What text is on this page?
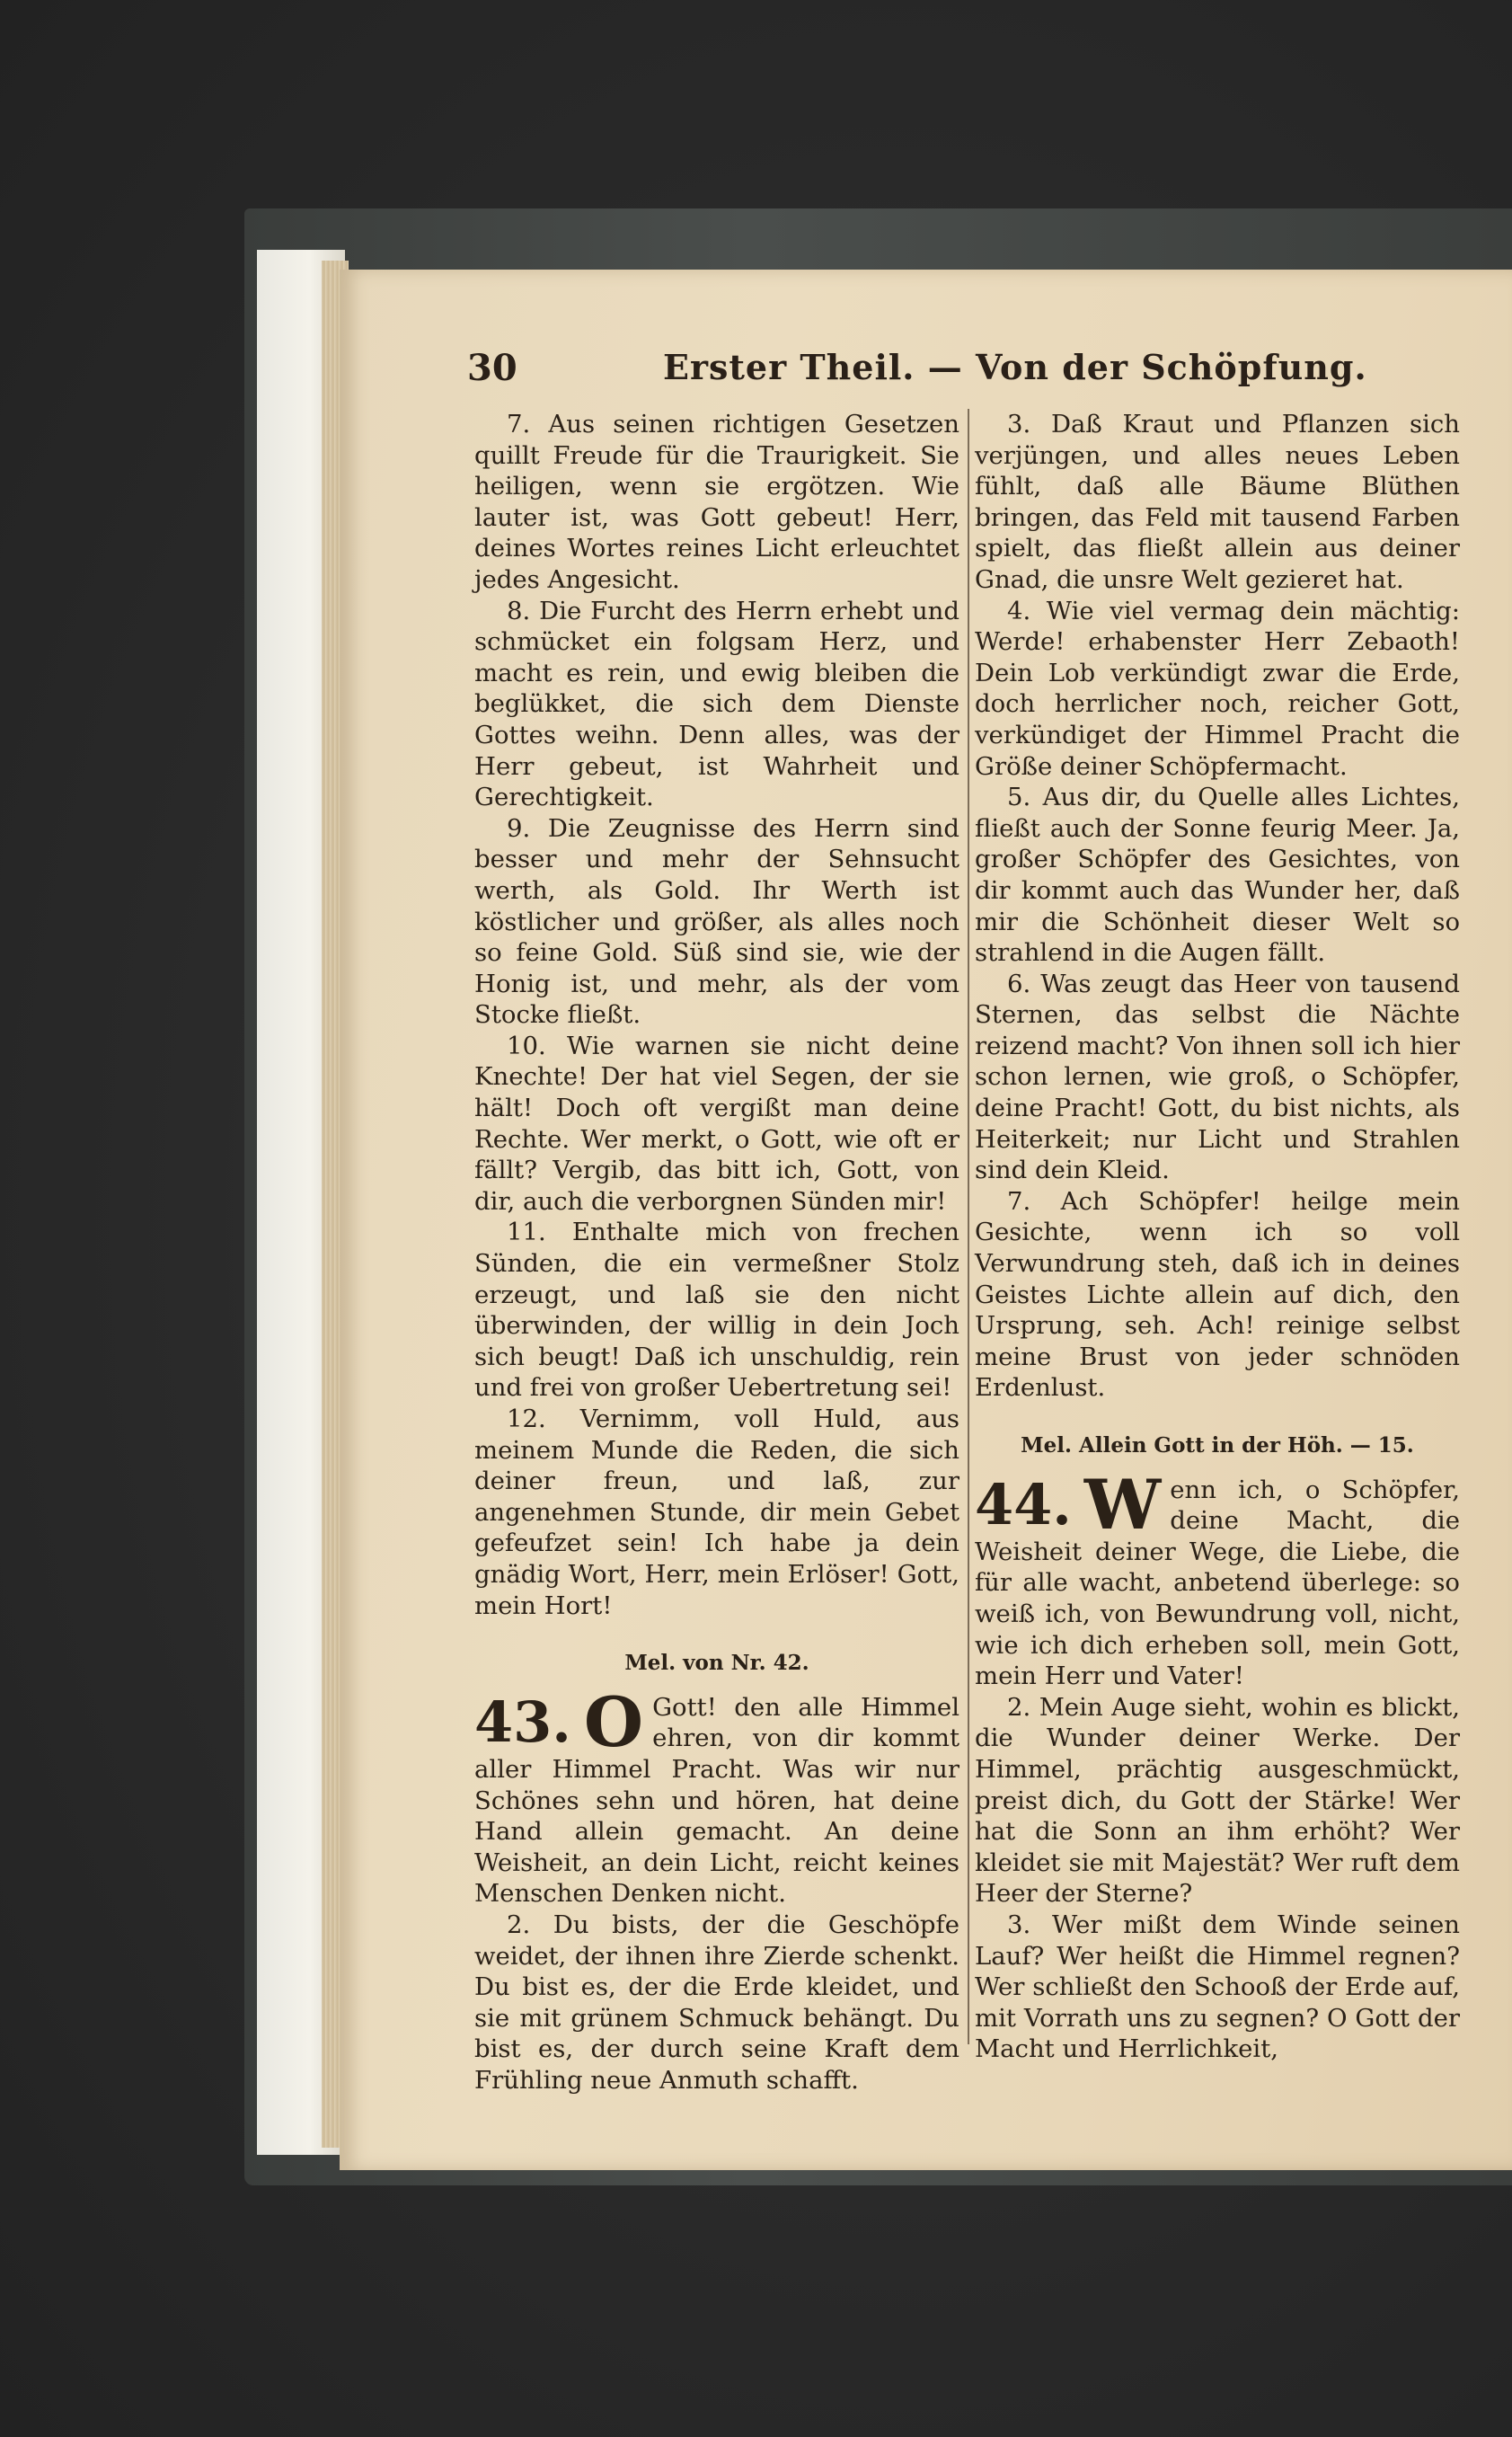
30	Erster Theil. — Von der Schöpfung.

7. Aus seinen richtigen Gesetzen quillt Freude für die Traurigkeit. Sie heiligen, wenn sie ergötzen. Wie lauter ist, was Gott gebeut! Herr, deines Wortes reines Licht erleuchtet jedes Angesicht.

8. Die Furcht des Herrn erhebt und schmücket ein folgsam Herz, und macht es rein, und ewig bleiben die beglükket, die sich dem Dienste Gottes weihn. Denn alles, was der Herr gebeut, ist Wahrheit und Gerechtigkeit.

9. Die Zeugnisse des Herrn sind besser und mehr der Sehnsucht werth, als Gold. Ihr Werth ist köstlicher und größer, als alles noch so feine Gold. Süß sind sie, wie der Honig ist, und mehr, als der vom Stocke fließt.

10. Wie warnen sie nicht deine Knechte! Der hat viel Segen, der sie hält! Doch oft vergißt man deine Rechte. Wer merkt, o Gott, wie oft er fällt? Vergib, das bitt ich, Gott, von dir, auch die verborgnen Sünden mir!

11. Enthalte mich von frechen Sünden, die ein vermeßner Stolz erzeugt, und laß sie den nicht überwinden, der willig in dein Joch sich beugt! Daß ich unschuldig, rein und frei von großer Uebertretung sei!

12. Vernimm, voll Huld, aus meinem Munde die Reden, die sich deiner freun, und laß, zur angenehmen Stunde, dir mein Gebet gefeufzet sein! Ich habe ja dein gnädig Wort, Herr, mein Erlöser! Gott, mein Hort!

Mel. von Nr. 42.

43. O Gott! den alle Himmel ehren, von dir kommt aller Himmel Pracht. Was wir nur Schönes sehn und hören, hat deine Hand allein gemacht. An deine Weisheit, an dein Licht, reicht keines Menschen Denken nicht.

2. Du bists, der die Geschöpfe weidet, der ihnen ihre Zierde schenkt. Du bist es, der die Erde kleidet, und sie mit grünem Schmuck behängt. Du bist es, der durch seine Kraft dem Frühling neue Anmuth schafft.

3. Daß Kraut und Pflanzen sich verjüngen, und alles neues Leben fühlt, daß alle Bäume Blüthen bringen, das Feld mit tausend Farben spielt, das fließt allein aus deiner Gnad, die unsre Welt gezieret hat.

4. Wie viel vermag dein mächtig: Werde! erhabenster Herr Zebaoth! Dein Lob verkündigt zwar die Erde, doch herrlicher noch, reicher Gott, verkündiget der Himmel Pracht die Größe deiner Schöpfermacht.

5. Aus dir, du Quelle alles Lichtes, fließt auch der Sonne feurig Meer. Ja, großer Schöpfer des Gesichtes, von dir kommt auch das Wunder her, daß mir die Schönheit dieser Welt so strahlend in die Augen fällt.

6. Was zeugt das Heer von tausend Sternen, das selbst die Nächte reizend macht? Von ihnen soll ich hier schon lernen, wie groß, o Schöpfer, deine Pracht! Gott, du bist nichts, als Heiterkeit; nur Licht und Strahlen sind dein Kleid.

7. Ach Schöpfer! heilge mein Gesichte, wenn ich so voll Verwundrung steh, daß ich in deines Geistes Lichte allein auf dich, den Ursprung, seh. Ach! reinige selbst meine Brust von jeder schnöden Erdenlust.

Mel. Allein Gott in der Höh. — 15.

44. W enn ich, o Schöpfer, deine Macht, die Weisheit deiner Wege, die Liebe, die für alle wacht, anbetend überlege: so weiß ich, von Bewundrung voll, nicht, wie ich dich erheben soll, mein Gott, mein Herr und Vater!

2. Mein Auge sieht, wohin es blickt, die Wunder deiner Werke. Der Himmel, prächtig ausgeschmückt, preist dich, du Gott der Stärke! Wer hat die Sonn an ihm erhöht? Wer kleidet sie mit Majestät? Wer ruft dem Heer der Sterne?

3. Wer mißt dem Winde seinen Lauf? Wer heißt die Himmel regnen? Wer schließt den Schooß der Erde auf, mit Vorrath uns zu segnen? O Gott der Macht und Herrlichkeit,
